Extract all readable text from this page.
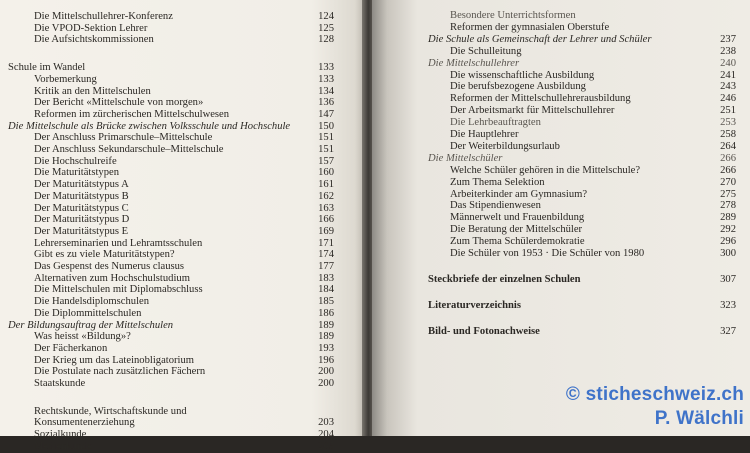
Die Mittelschullehrer-Konferenz	124
Die VPOD-Sektion Lehrer	125
Die Aufsichtskommissionen	128
Schule im Wandel	133
Vorbemerkung	133
Kritik an den Mittelschulen	134
Der Bericht «Mittelschule von morgen»	136
Reformen im zürcherischen Mittelschulwesen	147
Die Mittelschule als Brücke zwischen Volksschule und Hochschule	150
Der Anschluss Primarschule–Mittelschule	151
Der Anschluss Sekundarschule–Mittelschule	151
Die Hochschulreife	157
Die Maturitätstypen	160
Der Maturitätstypus A	161
Der Maturitätstypus B	162
Der Maturitätstypus C	163
Der Maturitätstypus D	166
Der Maturitätstypus E	169
Lehrerseminarien und Lehramtsschulen	171
Gibt es zu viele Maturitätstypen?	174
Das Gespenst des Numerus clausus	177
Alternativen zum Hochschulstudium	183
Die Mittelschulen mit Diplomabschluss	184
Die Handelsdiplomschulen	185
Die Diplommittelschulen	186
Der Bildungsauftrag der Mittelschulen	189
Was heisst «Bildung»?	189
Der Fächerkanon	193
Der Krieg um das Lateinobligatorium	196
Die Postulate nach zusätzlichen Fächern	200
Staatskunde	200
Rechtskunde, Wirtschaftskunde und
Konsumentenerziehung	203
Sozialkunde	204
Medienkunde	205
Besondere Unterrichtsformen
Reformen der gymnasialen Oberstufe
Die Schule als Gemeinschaft der Lehrer und Schüler	237
Die Schulleitung	238
Die Mittelschullehrer	240
Die wissenschaftliche Ausbildung	241
Die berufsbezogene Ausbildung	243
Reformen der Mittelschullehrerausbildung	246
Der Arbeitsmarkt für Mittelschullehrer	251
Die Lehrbeauftragten	253
Die Hauptlehrer	258
Der Weiterbildungsurlaub	264
Die Mittelschüler	266
Welche Schüler gehören in die Mittelschule?	266
Zum Thema Selektion	270
Arbeiterkinder am Gymnasium?	275
Das Stipendienwesen	278
Männerwelt und Frauenbildung	289
Die Beratung der Mittelschüler	292
Zum Thema Schülerdemokratie	296
Die Schüler von 1953 · Die Schüler von 1980	300
Steckbriefe der einzelnen Schulen	307
Literaturverzeichnis	323
Bild- und Fotonachweise	327
© sticheschweiz.ch
P. Wälchli
